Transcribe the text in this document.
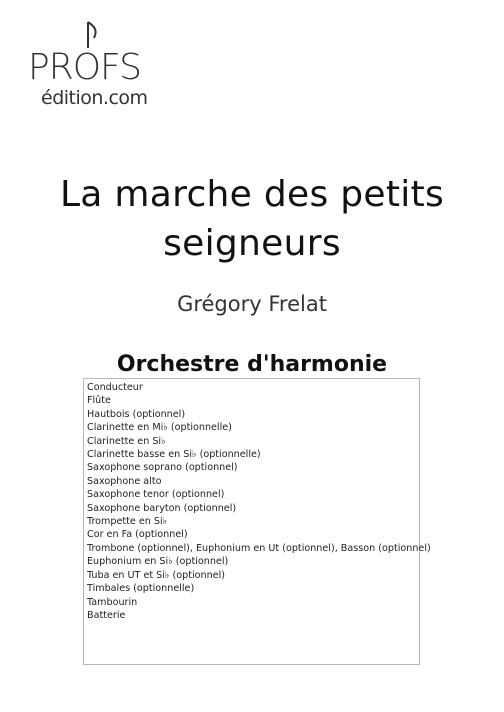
PROFS
édition.com
La marche des petits seigneurs
Grégory Frelat
Orchestre d'harmonie
Conducteur
Flûte
Hautbois (optionnel)
Clarinette en Mi♭ (optionnelle)
Clarinette en Si♭
Clarinette basse en Si♭ (optionnelle)
Saxophone soprano (optionnel)
Saxophone alto
Saxophone tenor (optionnel)
Saxophone baryton (optionnel)
Trompette en Si♭
Cor en Fa (optionnel)
Trombone (optionnel), Euphonium en Ut (optionnel), Basson (optionnel)
Euphonium en Si♭ (optionnel)
Tuba en UT et Si♭ (optionnel)
Timbales (optionnelle)
Tambourin
Batterie
